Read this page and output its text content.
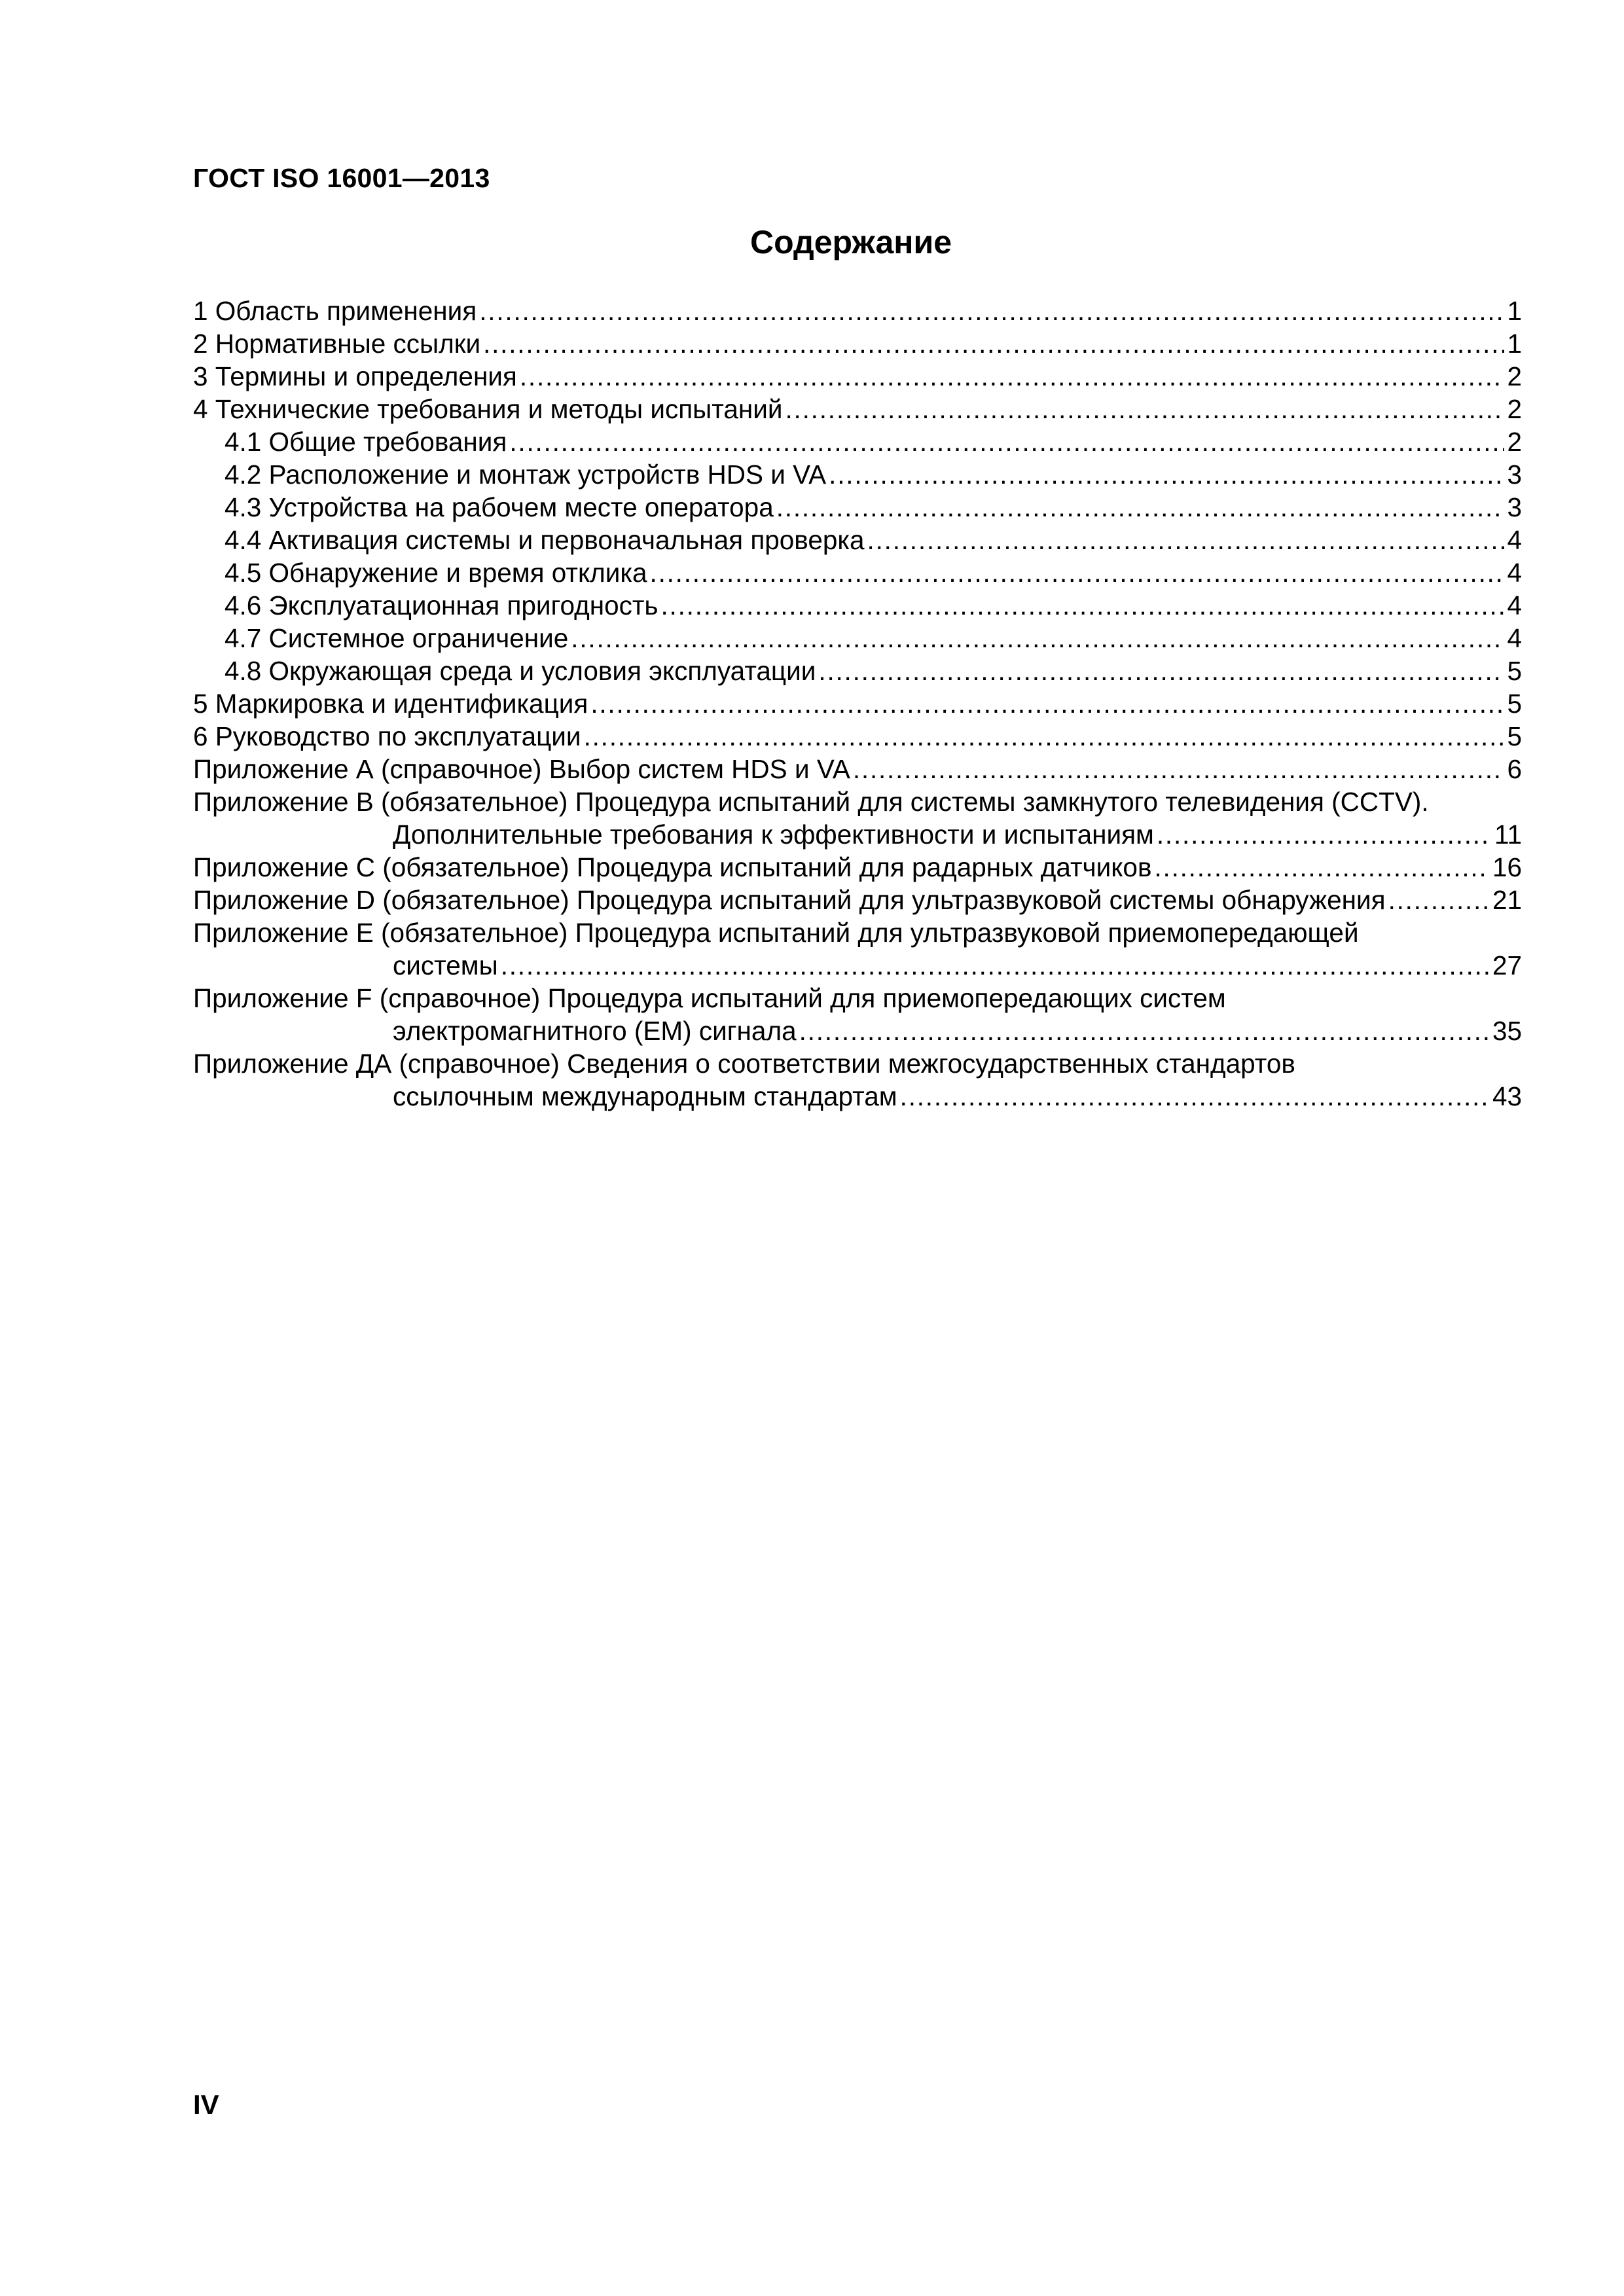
ГОСТ ISO 16001—2013
Содержание
1 Область применения .....	1
2 Нормативные ссылки .....	1
3 Термины и определения .....	2
4 Технические требования и методы испытаний .....	2
4.1 Общие требования .....	2
4.2 Расположение и монтаж устройств HDS и VA .....	3
4.3 Устройства на рабочем месте оператора .....	3
4.4 Активация системы и первоначальная проверка .....	4
4.5 Обнаружение и время отклика .....	4
4.6 Эксплуатационная пригодность .....	4
4.7 Системное ограничение .....	4
4.8 Окружающая среда и условия эксплуатации .....	5
5 Маркировка и идентификация .....	5
6 Руководство по эксплуатации .....	5
Приложение А (справочное) Выбор систем HDS и VA .....	6
Приложение В (обязательное) Процедура испытаний для системы замкнутого телевидения (CCTV).
Дополнительные требования к эффективности и испытаниям .....	11
Приложение С (обязательное) Процедура испытаний для радарных датчиков .....	16
Приложение D (обязательное) Процедура испытаний для ультразвуковой системы обнаружения .....	21
Приложение Е (обязательное) Процедура испытаний для ультразвуковой приемопередающей
системы .....	27
Приложение F (справочное) Процедура испытаний для приемопередающих систем
электромагнитного (ЕМ) сигнала .....	35
Приложение ДА (справочное) Сведения о соответствии межгосударственных стандартов
ссылочным международным стандартам .....	43
IV
